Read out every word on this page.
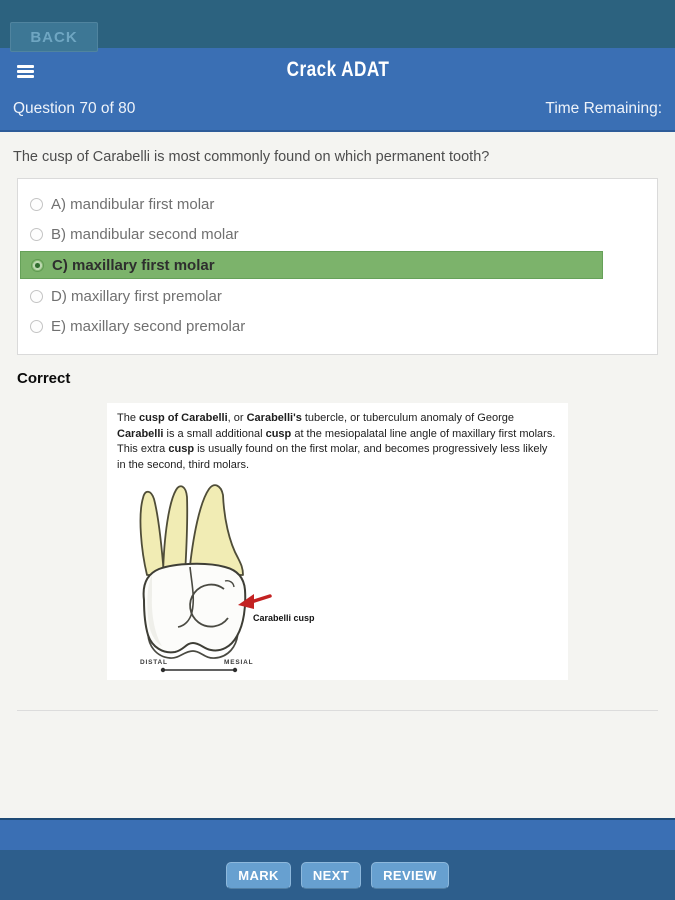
BACK
Crack ADAT
Question 70 of 80	Time Remaining:
The cusp of Carabelli is most commonly found on which permanent tooth?
A) mandibular first molar
B) mandibular second molar
C) maxillary first molar
D) maxillary first premolar
E) maxillary second premolar
Correct
The cusp of Carabelli, or Carabelli's tubercle, or tuberculum anomaly of George Carabelli is a small additional cusp at the mesiopalatal line angle of maxillary first molars. This extra cusp is usually found on the first molar, and becomes progressively less likely in the second, third molars.
Carabelli cusp
DISTAL	MESIAL
MARK	NEXT	REVIEW
